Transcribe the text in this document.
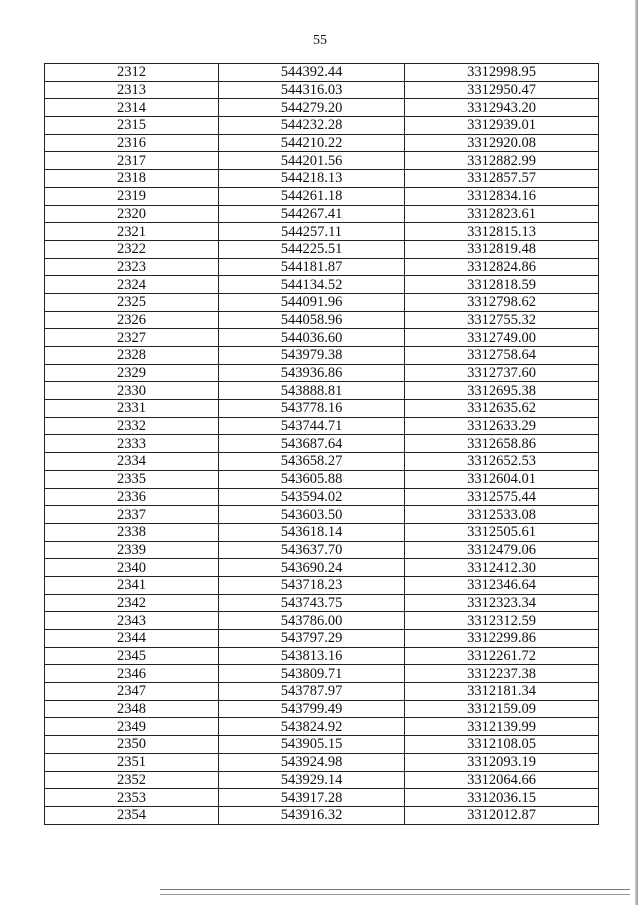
55
2312	544392.44	3312998.95
2313	544316.03	3312950.47
2314	544279.20	3312943.20
2315	544232.28	3312939.01
2316	544210.22	3312920.08
2317	544201.56	3312882.99
2318	544218.13	3312857.57
2319	544261.18	3312834.16
2320	544267.41	3312823.61
2321	544257.11	3312815.13
2322	544225.51	3312819.48
2323	544181.87	3312824.86
2324	544134.52	3312818.59
2325	544091.96	3312798.62
2326	544058.96	3312755.32
2327	544036.60	3312749.00
2328	543979.38	3312758.64
2329	543936.86	3312737.60
2330	543888.81	3312695.38
2331	543778.16	3312635.62
2332	543744.71	3312633.29
2333	543687.64	3312658.86
2334	543658.27	3312652.53
2335	543605.88	3312604.01
2336	543594.02	3312575.44
2337	543603.50	3312533.08
2338	543618.14	3312505.61
2339	543637.70	3312479.06
2340	543690.24	3312412.30
2341	543718.23	3312346.64
2342	543743.75	3312323.34
2343	543786.00	3312312.59
2344	543797.29	3312299.86
2345	543813.16	3312261.72
2346	543809.71	3312237.38
2347	543787.97	3312181.34
2348	543799.49	3312159.09
2349	543824.92	3312139.99
2350	543905.15	3312108.05
2351	543924.98	3312093.19
2352	543929.14	3312064.66
2353	543917.28	3312036.15
2354	543916.32	3312012.87
